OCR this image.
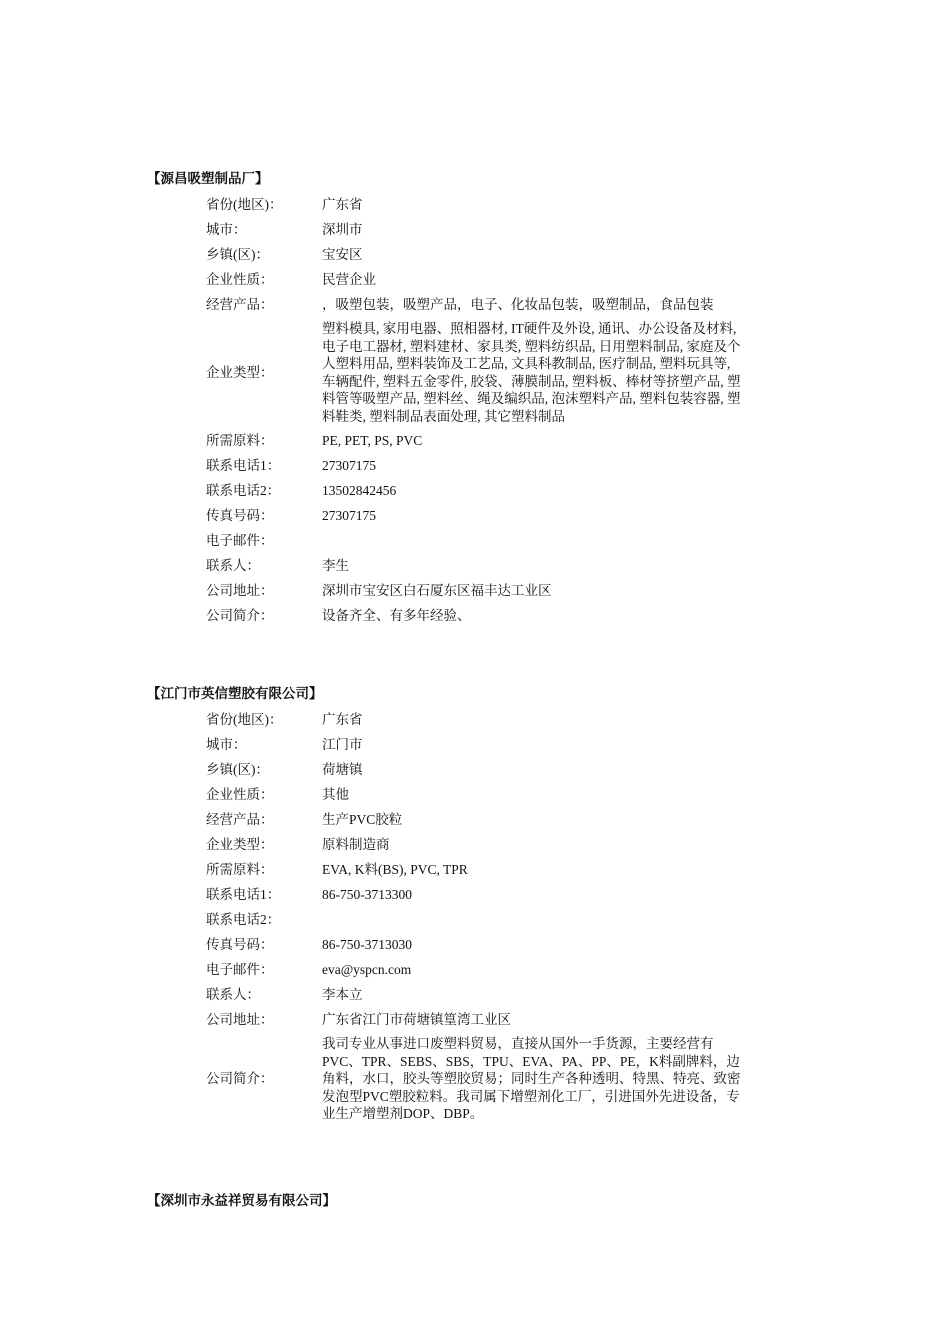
【源昌吸塑制品厂】
省份(地区)：	广东省
城市：	深圳市
乡镇(区)：	宝安区
企业性质：	民营企业
经营产品：	，吸塑包装，吸塑产品，电子、化妆品包装，吸塑制品，食品包装
企业类型：	塑料模具, 家用电器、照相器材, IT硬件及外设, 通讯、办公设备及材料, 电子电工器材, 塑料建材、家具类, 塑料纺织品, 日用塑料制品, 家庭及个人塑料用品, 塑料装饰及工艺品, 文具科教制品, 医疗制品, 塑料玩具等, 车辆配件, 塑料五金零件, 胶袋、薄膜制品, 塑料板、棒材等挤塑产品, 塑料管等吸塑产品, 塑料丝、绳及编织品, 泡沫塑料产品, 塑料包装容器, 塑料鞋类, 塑料制品表面处理, 其它塑料制品
所需原料：	PE, PET, PS, PVC
联系电话1：	27307175
联系电话2：	13502842456
传真号码：	27307175
电子邮件：	
联系人：	李生
公司地址：	深圳市宝安区白石厦东区福丰达工业区
公司简介：	设备齐全、有多年经验、
【江门市英信塑胶有限公司】
省份(地区)：	广东省
城市：	江门市
乡镇(区)：	荷塘镇
企业性质：	其他
经营产品：	生产PVC胶粒
企业类型：	原料制造商
所需原料：	EVA, K料(BS), PVC, TPR
联系电话1：	86-750-3713300
联系电话2：	
传真号码：	86-750-3713030
电子邮件：	eva@yspcn.com
联系人：	李本立
公司地址：	广东省江门市荷塘镇篁湾工业区
公司简介：	我司专业从事进口废塑料贸易，直接从国外一手货源，主要经营有PVC、TPR、SEBS、SBS，TPU、EVA、PA、PP、PE，K料副牌料，边角料，水口，胶头等塑胶贸易；同时生产各种透明、特黑、特亮、致密发泡型PVC塑胶粒料。我司属下增塑剂化工厂，引进国外先进设备，专业生产增塑剂DOP、DBP。
【深圳市永益祥贸易有限公司】
